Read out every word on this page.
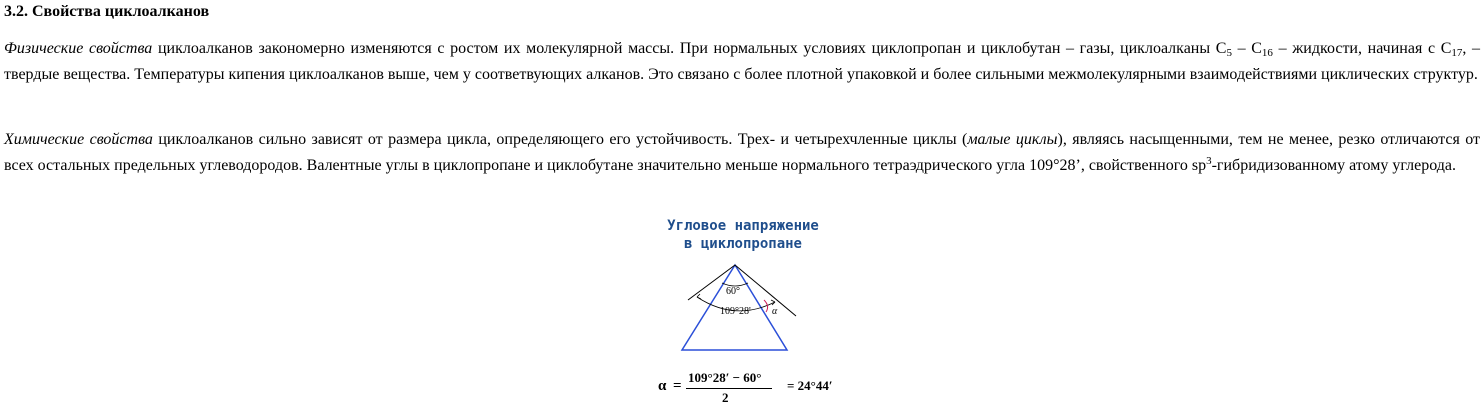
3.2. Свойства циклоалканов

Физические свойства циклоалканов закономерно изменяются с ростом их молекулярной массы. При нормальных условиях циклопропан и циклобутан – газы, циклоалканы $C_5 - C_{16}$ – жидкости, начиная с $C_{17}$, – твердые вещества. Температуры кипения циклоалканов выше, чем у соответвующих алканов. Это связано с более плотной упаковкой и более сильными межмолекулярными взаимодействиями циклических структур.

Химические свойства циклоалканов сильно зависят от размера цикла, определяющего его устойчивость. Трех- и четырехчленные циклы (малые циклы), являясь насыщенными, тем не менее, резко отличаются от всех остальных предельных углеводородов. Валентные углы в циклопропане и циклобутане значительно меньше нормального тетраэдрического угла 109°28’, свойственного $sp^3$-гибридизованному атому углерода.

Угловое напряжение
в циклопропане
60°
109°28' α
α =
109°28′ − 60°
2
= 24°44′
